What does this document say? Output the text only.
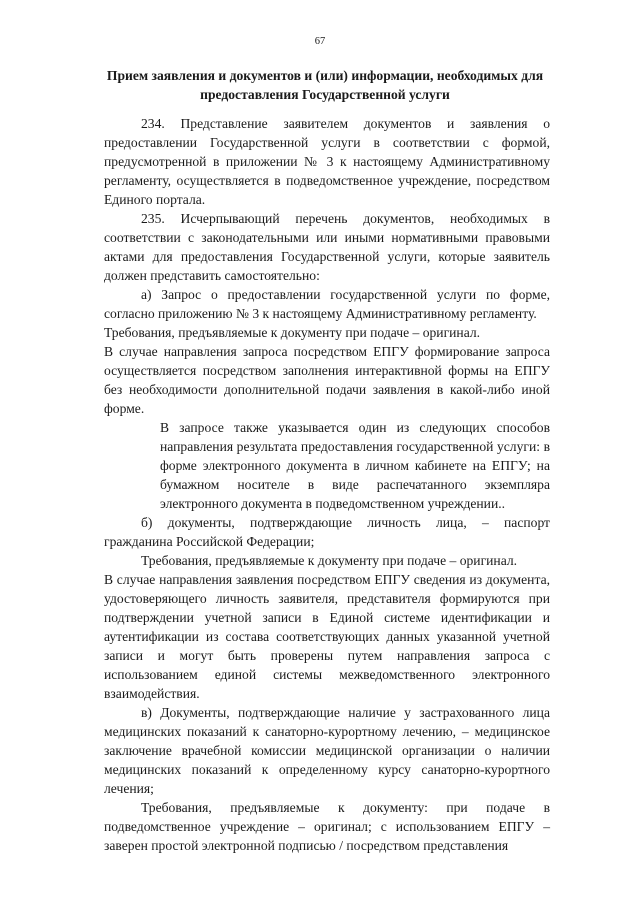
67
Прием заявления и документов и (или) информации, необходимых для предоставления Государственной услуги

234. Представление заявителем документов и заявления о предоставлении Государственной услуги в соответствии с формой, предусмотренной в приложении № 3 к настоящему Административному регламенту, осуществляется в подведомственное учреждение, посредством Единого портала.

235. Исчерпывающий перечень документов, необходимых в соответствии с законодательными или иными нормативными правовыми актами для предоставления Государственной услуги, которые заявитель должен представить самостоятельно:

а) Запрос о предоставлении государственной услуги по форме, согласно приложению № 3 к настоящему Административному регламенту.

Требования, предъявляемые к документу при подаче – оригинал.

В случае направления запроса посредством ЕПГУ формирование запроса осуществляется посредством заполнения интерактивной формы на ЕПГУ без необходимости дополнительной подачи заявления в какой-либо иной форме.

В запросе также указывается один из следующих способов направления результата предоставления государственной услуги: в форме электронного документа в личном кабинете на ЕПГУ; на бумажном носителе в виде распечатанного экземпляра электронного документа в подведомственном учреждении..

б) документы, подтверждающие личность лица, – паспорт гражданина Российской Федерации;

Требования, предъявляемые к документу при подаче – оригинал.

В случае направления заявления посредством ЕПГУ сведения из документа, удостоверяющего личность заявителя, представителя формируются при подтверждении учетной записи в Единой системе идентификации и аутентификации из состава соответствующих данных указанной учетной записи и могут быть проверены путем направления запроса с использованием единой системы межведомственного электронного взаимодействия.

в) Документы, подтверждающие наличие у застрахованного лица медицинских показаний к санаторно-курортному лечению, – медицинское заключение врачебной комиссии медицинской организации о наличии медицинских показаний к определенному курсу санаторно-курортного лечения;

Требования, предъявляемые к документу: при подаче в подведомственное учреждение – оригинал; с использованием ЕПГУ – заверен простой электронной подписью / посредством представления
